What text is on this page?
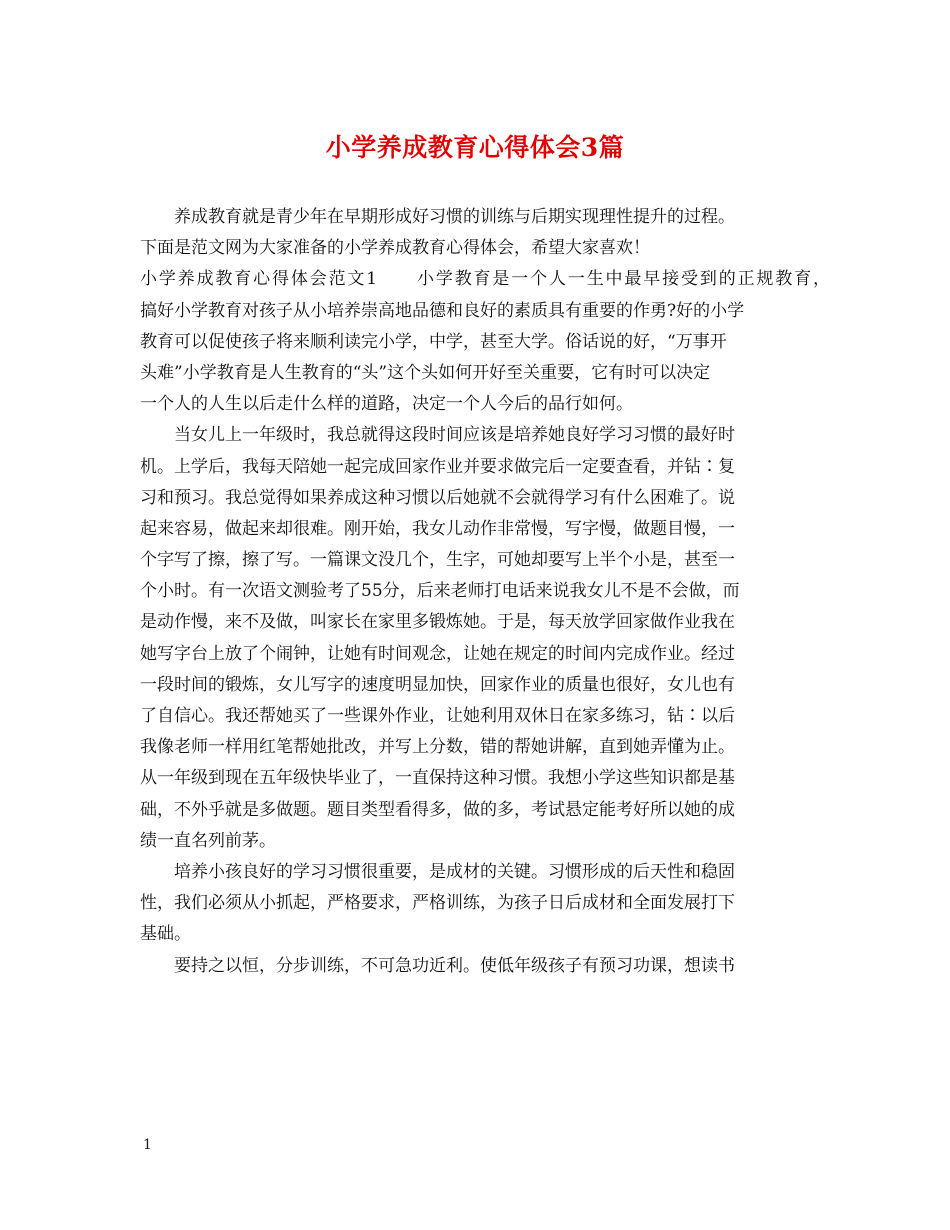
小学养成教育心得体会3篇
　　养成教育就是青少年在早期形成好习惯的训练与后期实现理性提升的过程。
下面是范文网为大家准备的小学养成教育心得体会，希望大家喜欢！
小学养成教育心得体会范文1 小学教育是一个人一生中最早接受到的正规教育，
搞好小学教育对孩子从小培养崇高地品德和良好的素质具有重要的作勇?好的小学
教育可以促使孩子将来顺利读完小学，中学，甚至大学。俗话说的好，“万事开
头难”小学教育是人生教育的“头”这个头如何开好至关重要，它有时可以决定
一个人的人生以后走什么样的道路，决定一个人今后的品行如何。
　　当女儿上一年级时，我总就得这段时间应该是培养她良好学习习惯的最好时
机。上学后，我每天陪她一起完成回家作业并要求做完后一定要查看，并钻∶复
习和预习。我总觉得如果养成这种习惯以后她就不会就得学习有什么困难了。说
起来容易，做起来却很难。刚开始，我女儿动作非常慢，写字慢，做题目慢，一
个字写了擦，擦了写。一篇课文没几个，生字，可她却要写上半个小是，甚至一
个小时。有一次语文测验考了55分，后来老师打电话来说我女儿不是不会做，而
是动作慢，来不及做，叫家长在家里多锻炼她。于是，每天放学回家做作业我在
她写字台上放了个闹钟，让她有时间观念，让她在规定的时间内完成作业。经过
一段时间的锻炼，女儿写字的速度明显加快，回家作业的质量也很好，女儿也有
了自信心。我还帮她买了一些课外作业，让她利用双休日在家多练习，钻∶以后
我像老师一样用红笔帮她批改，并写上分数，错的帮她讲解，直到她弄懂为止。
从一年级到现在五年级快毕业了，一直保持这种习惯。我想小学这些知识都是基
础，不外乎就是多做题。题目类型看得多，做的多，考试悬定能考好所以她的成
绩一直名列前茅。
　　培养小孩良好的学习习惯很重要，是成材的关键。习惯形成的后天性和稳固
性，我们必须从小抓起，严格要求，严格训练，为孩子日后成材和全面发展打下
基础。
　　要持之以恒，分步训练，不可急功近利。使低年级孩子有预习功课，想读书
1
